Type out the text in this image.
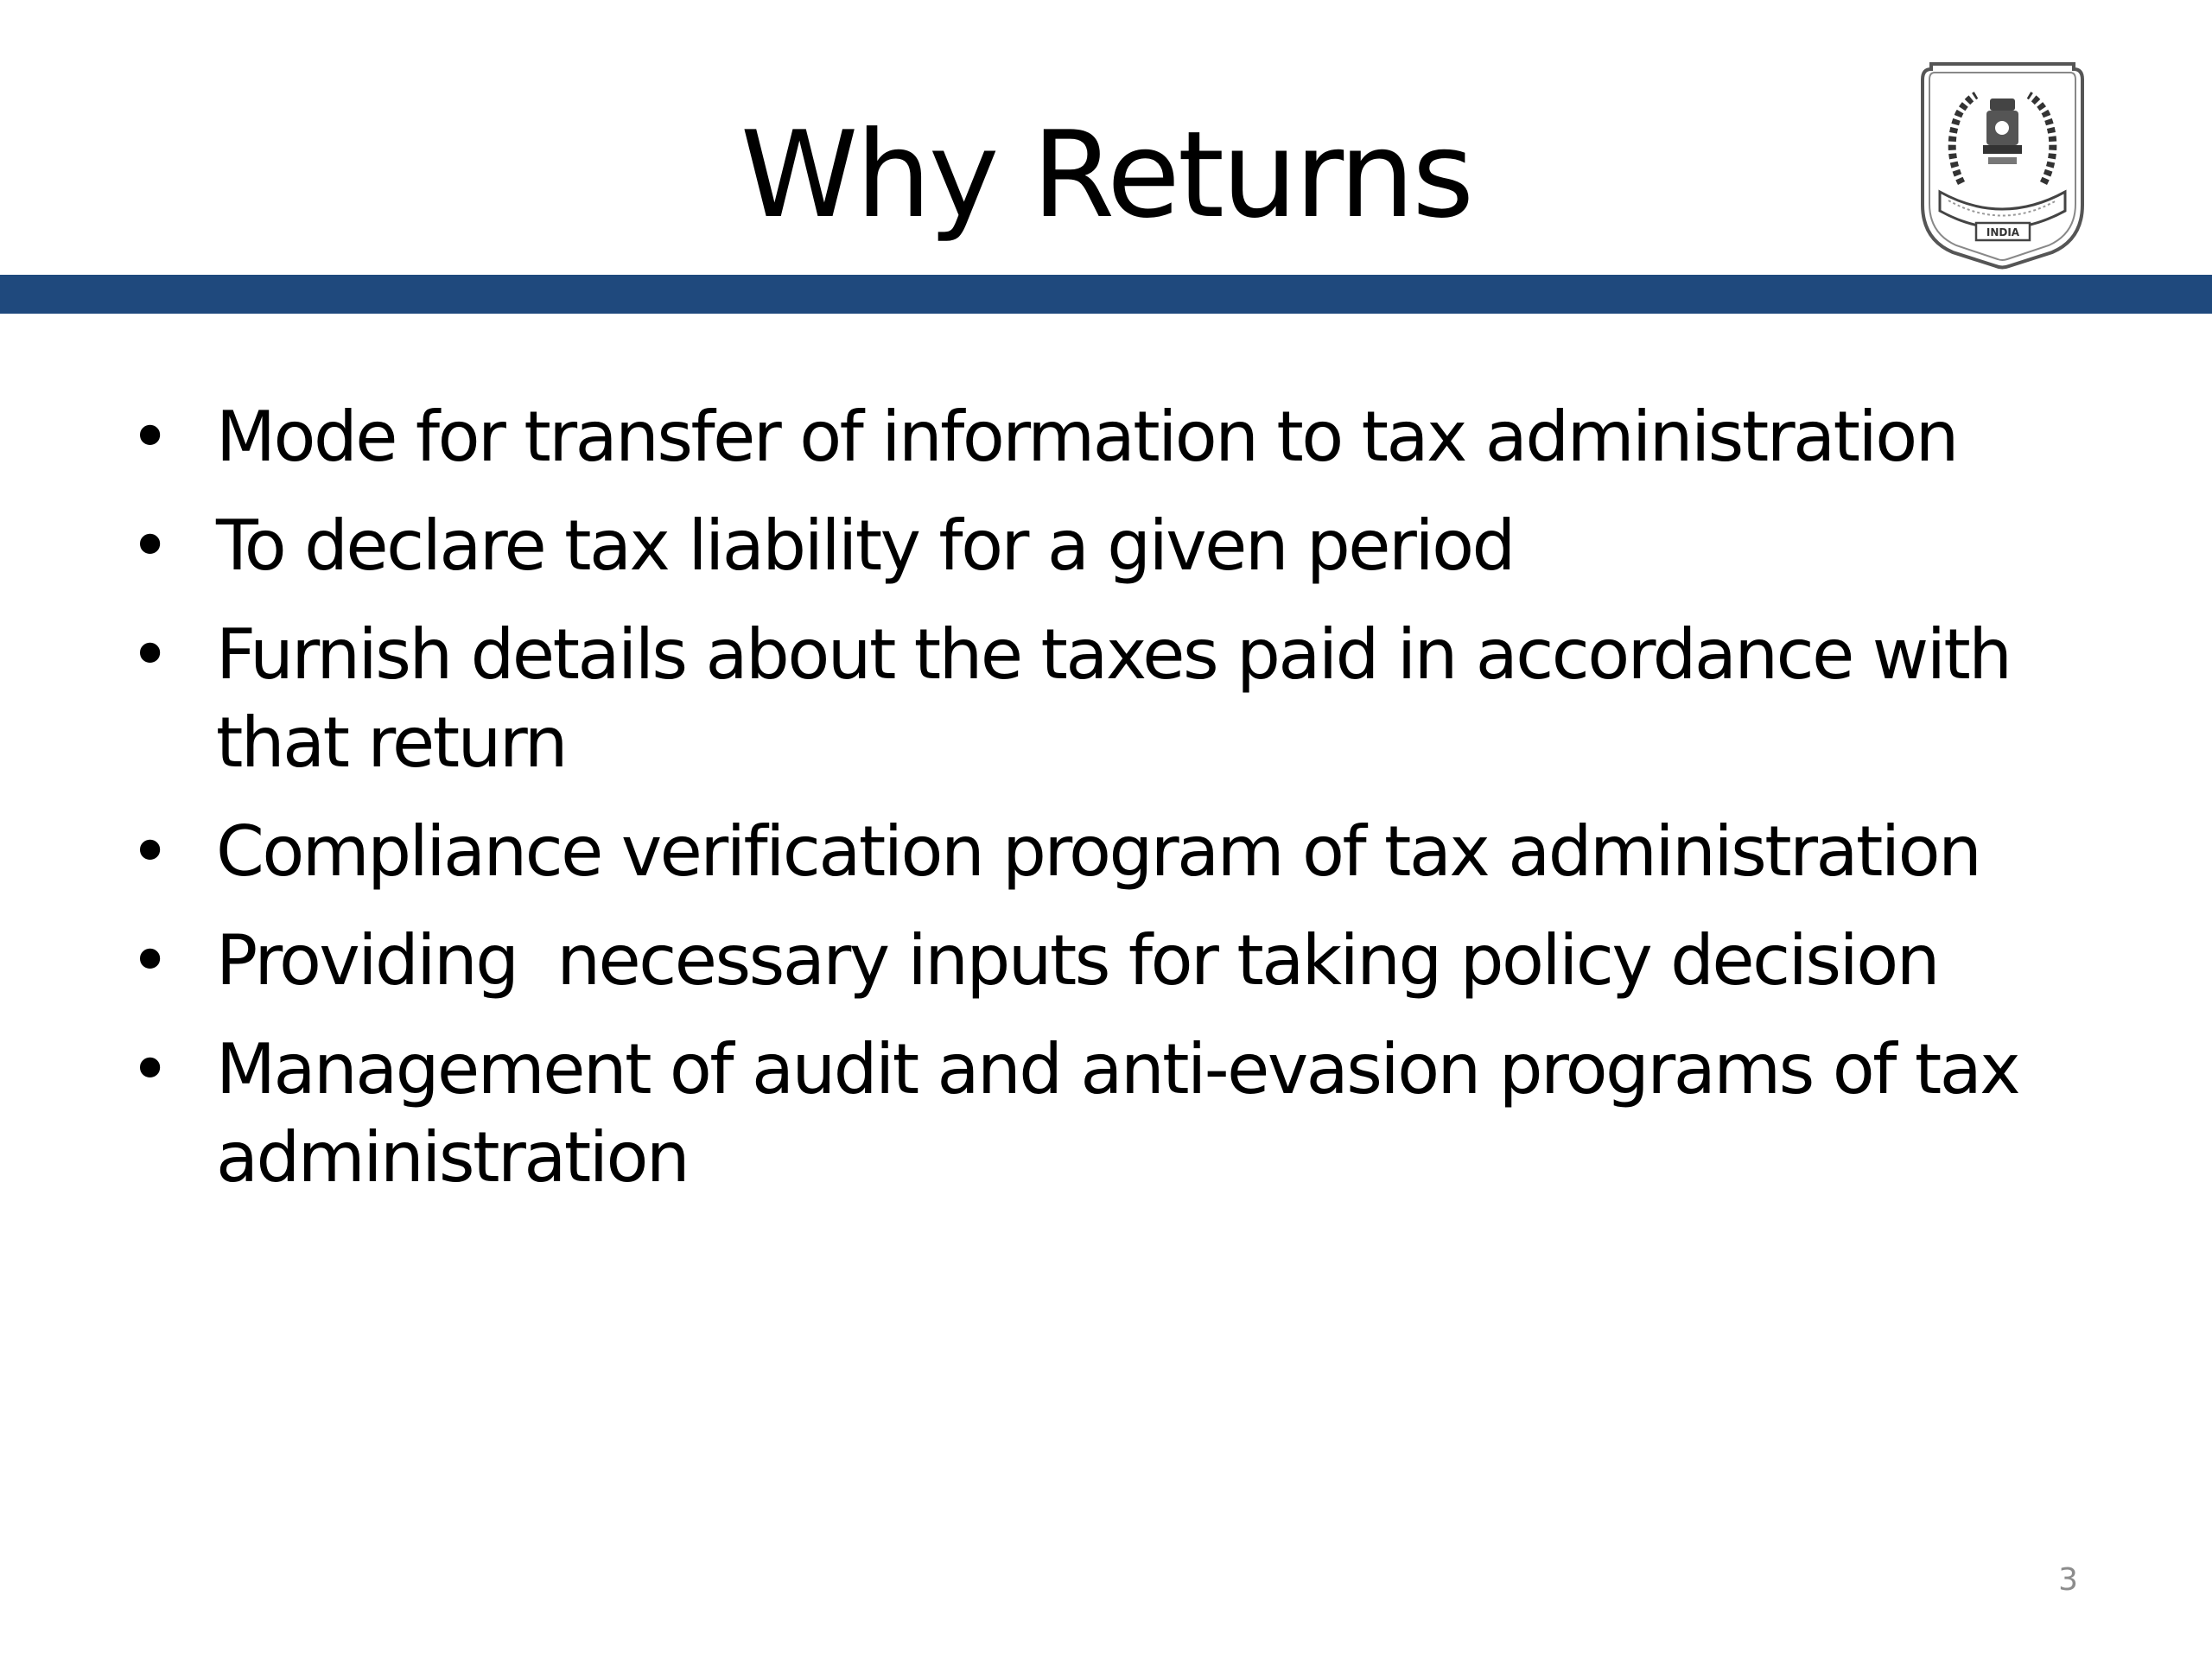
Why Returns	INDIA
• Mode for transfer of information to tax administration
• To declare tax liability for a given period
• Furnish details about the taxes paid in accordance with that return
• Compliance verification program of tax administration
• Providing  necessary inputs for taking policy decision
• Management of audit and anti-evasion programs of tax administration
3
